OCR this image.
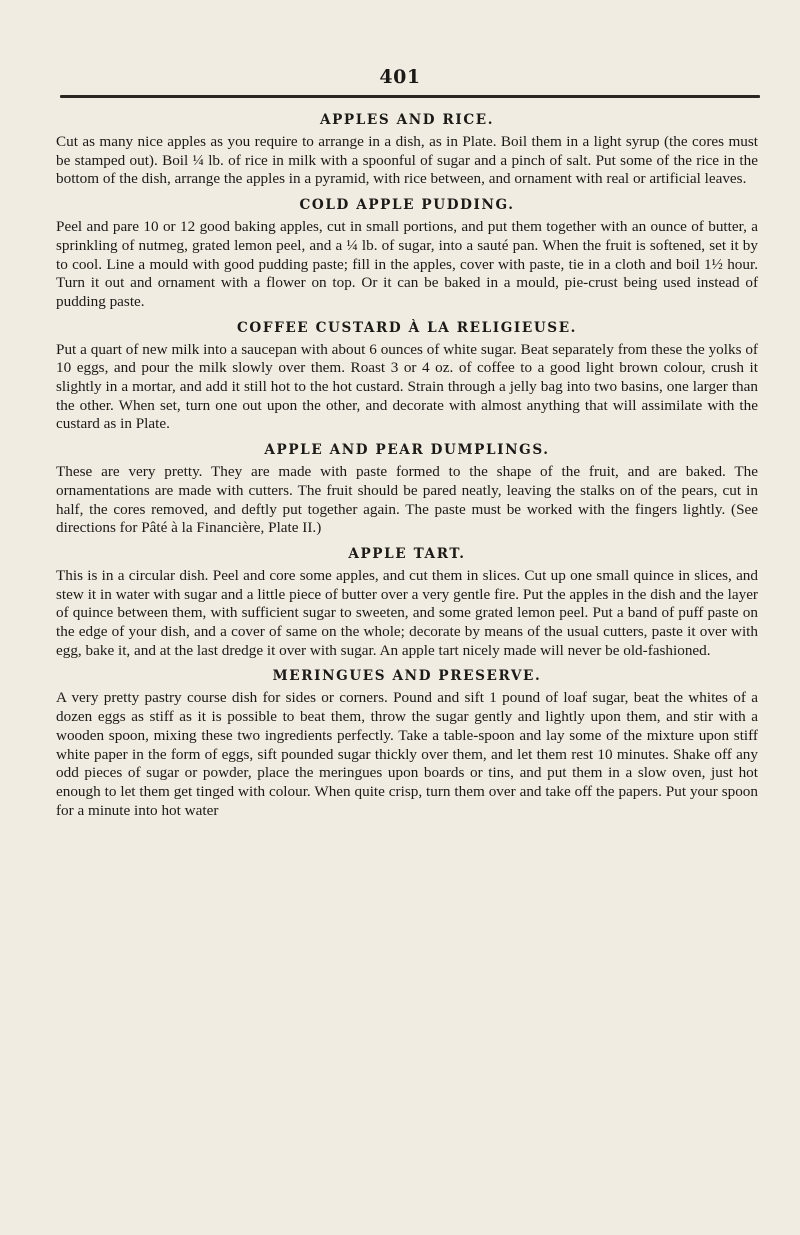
401
APPLES AND RICE.

Cut as many nice apples as you require to arrange in a dish, as in Plate. Boil them in a light syrup (the cores must be stamped out). Boil ¼ lb. of rice in milk with a spoonful of sugar and a pinch of salt. Put some of the rice in the bottom of the dish, arrange the apples in a pyramid, with rice between, and ornament with real or artificial leaves.

COLD APPLE PUDDING.

Peel and pare 10 or 12 good baking apples, cut in small portions, and put them together with an ounce of butter, a sprinkling of nutmeg, grated lemon peel, and a ¼ lb. of sugar, into a sauté pan. When the fruit is softened, set it by to cool. Line a mould with good pudding paste; fill in the apples, cover with paste, tie in a cloth and boil 1½ hour. Turn it out and ornament with a flower on top. Or it can be baked in a mould, pie-crust being used instead of pudding paste.

COFFEE CUSTARD À LA RELIGIEUSE.

Put a quart of new milk into a saucepan with about 6 ounces of white sugar. Beat separately from these the yolks of 10 eggs, and pour the milk slowly over them. Roast 3 or 4 oz. of coffee to a good light brown colour, crush it slightly in a mortar, and add it still hot to the hot custard. Strain through a jelly bag into two basins, one larger than the other. When set, turn one out upon the other, and decorate with almost anything that will assimilate with the custard as in Plate.

APPLE AND PEAR DUMPLINGS.

These are very pretty. They are made with paste formed to the shape of the fruit, and are baked. The ornamentations are made with cutters. The fruit should be pared neatly, leaving the stalks on of the pears, cut in half, the cores removed, and deftly put together again. The paste must be worked with the fingers lightly. (See directions for Pâté à la Financière, Plate II.)

APPLE TART.

This is in a circular dish. Peel and core some apples, and cut them in slices. Cut up one small quince in slices, and stew it in water with sugar and a little piece of butter over a very gentle fire. Put the apples in the dish and the layer of quince between them, with sufficient sugar to sweeten, and some grated lemon peel. Put a band of puff paste on the edge of your dish, and a cover of same on the whole; decorate by means of the usual cutters, paste it over with egg, bake it, and at the last dredge it over with sugar. An apple tart nicely made will never be old-fashioned.

MERINGUES AND PRESERVE.

A very pretty pastry course dish for sides or corners. Pound and sift 1 pound of loaf sugar, beat the whites of a dozen eggs as stiff as it is possible to beat them, throw the sugar gently and lightly upon them, and stir with a wooden spoon, mixing these two ingredients perfectly. Take a table-spoon and lay some of the mixture upon stiff white paper in the form of eggs, sift pounded sugar thickly over them, and let them rest 10 minutes. Shake off any odd pieces of sugar or powder, place the meringues upon boards or tins, and put them in a slow oven, just hot enough to let them get tinged with colour. When quite crisp, turn them over and take off the papers. Put your spoon for a minute into hot water
